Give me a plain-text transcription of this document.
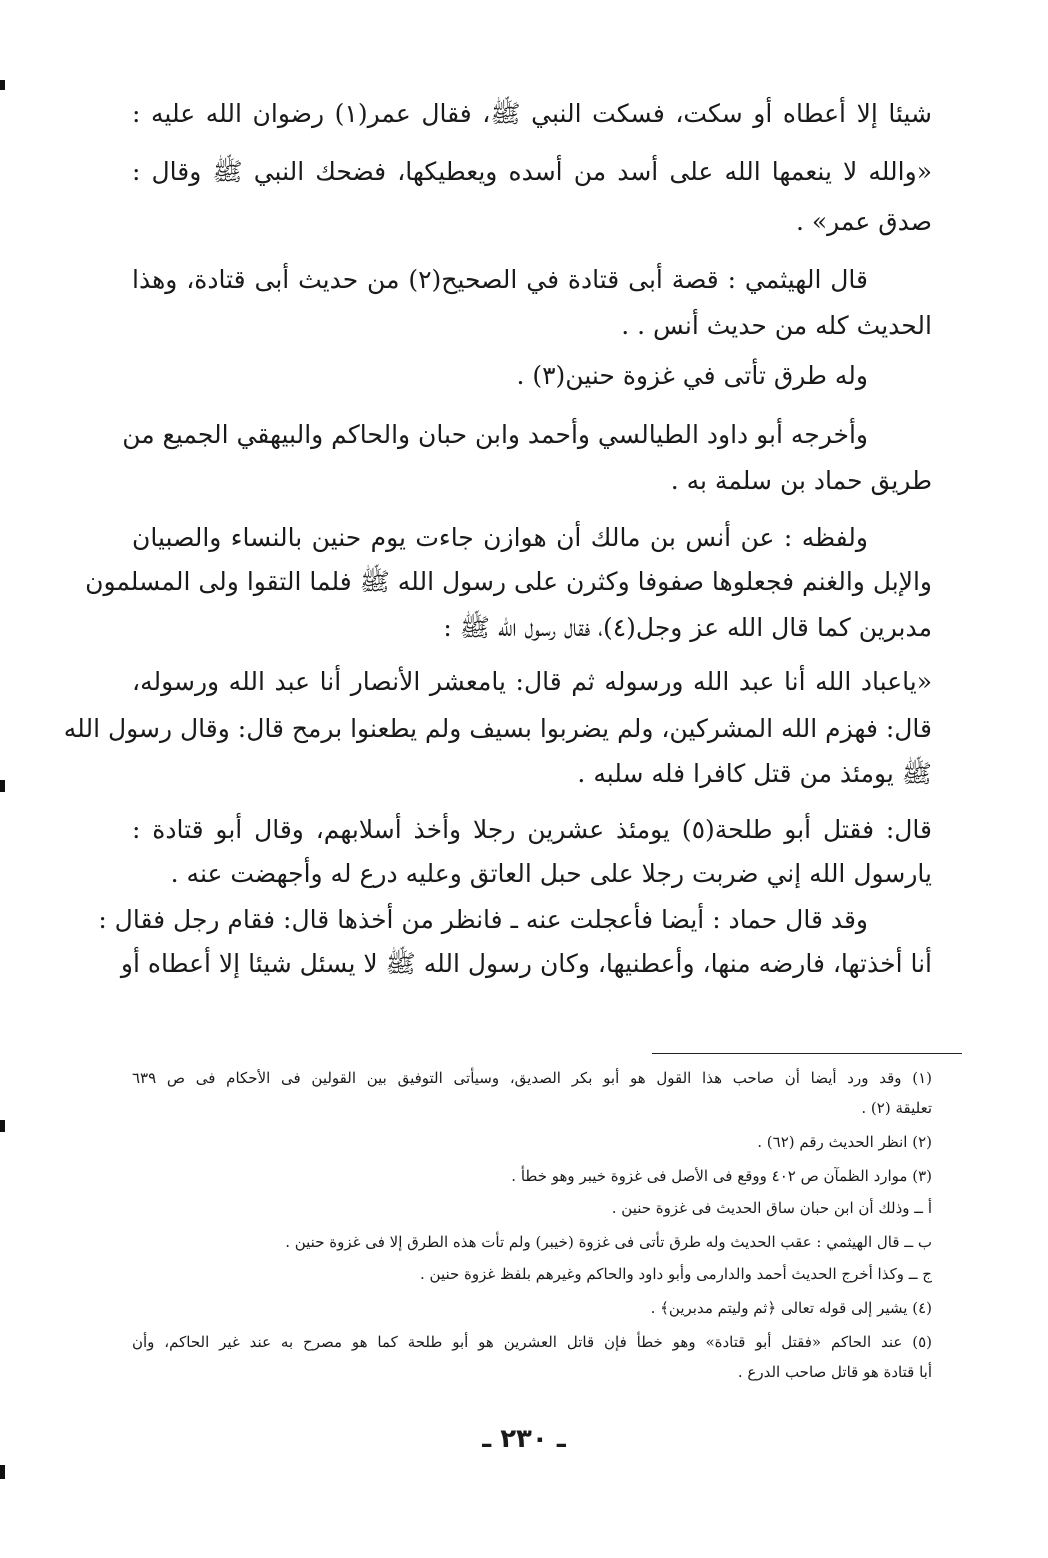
شيئا إلا أعطاه أو سكت، فسكت النبي ﷺ، فقال عمر(١) رضوان الله عليه :
«والله لا ينعمها الله على أسد من أسده ويعطيكها، فضحك النبي ﷺ وقال :
صدق عمر» .
قال الهيثمي : قصة أبى قتادة في الصحيح(٢) من حديث أبى قتادة، وهذا
الحديث كله من حديث أنس . .
وله طرق تأتى في غزوة حنين(٣) .
وأخرجه أبو داود الطيالسي وأحمد وابن حبان والحاكم والبيهقي الجميع من
طريق حماد بن سلمة به .
ولفظه : عن أنس بن مالك أن هوازن جاءت يوم حنين بالنساء والصبيان
والإبل والغنم فجعلوها صفوفا وكثرن على رسول الله ﷺ فلما التقوا ولى المسلمون
مدبرين كما قال الله عز وجل(٤)، فقال رسول الله ﷺ :
«ياعباد الله أنا عبد الله ورسوله ثم قال: يامعشر الأنصار أنا عبد الله ورسوله،
قال: فهزم الله المشركين، ولم يضربوا بسيف ولم يطعنوا برمح قال: وقال رسول الله
ﷺ يومئذ من قتل كافرا فله سلبه .
قال: فقتل أبو طلحة(٥) يومئذ عشرين رجلا وأخذ أسلابهم، وقال أبو قتادة :
يارسول الله إني ضربت رجلا على حبل العاتق وعليه درع له وأجهضت عنه .
وقد قال حماد : أيضا فأعجلت عنه ـ فانظر من أخذها قال: فقام رجل فقال :
أنا أخذتها، فارضه منها، وأعطنيها، وكان رسول الله ﷺ لا يسئل شيئا إلا أعطاه أو
(١) وقد ورد أيضا أن صاحب هذا القول هو أبو بكر الصديق، وسيأتى التوفيق بين القولين فى الأحكام فى ص ٦٣٩
تعليقة (٢) .
(٢) انظر الحديث رقم (٦٢) .
(٣) موارد الظمآن ص ٤٠٢ ووقع فى الأصل فى غزوة خيبر وهو خطأ .
أ ــ وذلك أن ابن حبان ساق الحديث فى غزوة حنين .
ب ــ قال الهيثمي : عقب الحديث وله طرق تأتى فى غزوة (خيبر) ولم تأت هذه الطرق إلا فى غزوة حنين .
ج ــ وكذا أخرج الحديث أحمد والدارمى وأبو داود والحاكم وغيرهم بلفظ غزوة حنين .
(٤) يشير إلى قوله تعالى ﴿ثم وليتم مدبرين﴾ .
(٥) عند الحاكم «فقتل أبو قتادة» وهو خطأ فإن قاتل العشرين هو أبو طلحة كما هو مصرح به عند غير الحاكم، وأن
أبا قتادة هو قاتل صاحب الدرع .
ـ ٢٣٠ ـ
